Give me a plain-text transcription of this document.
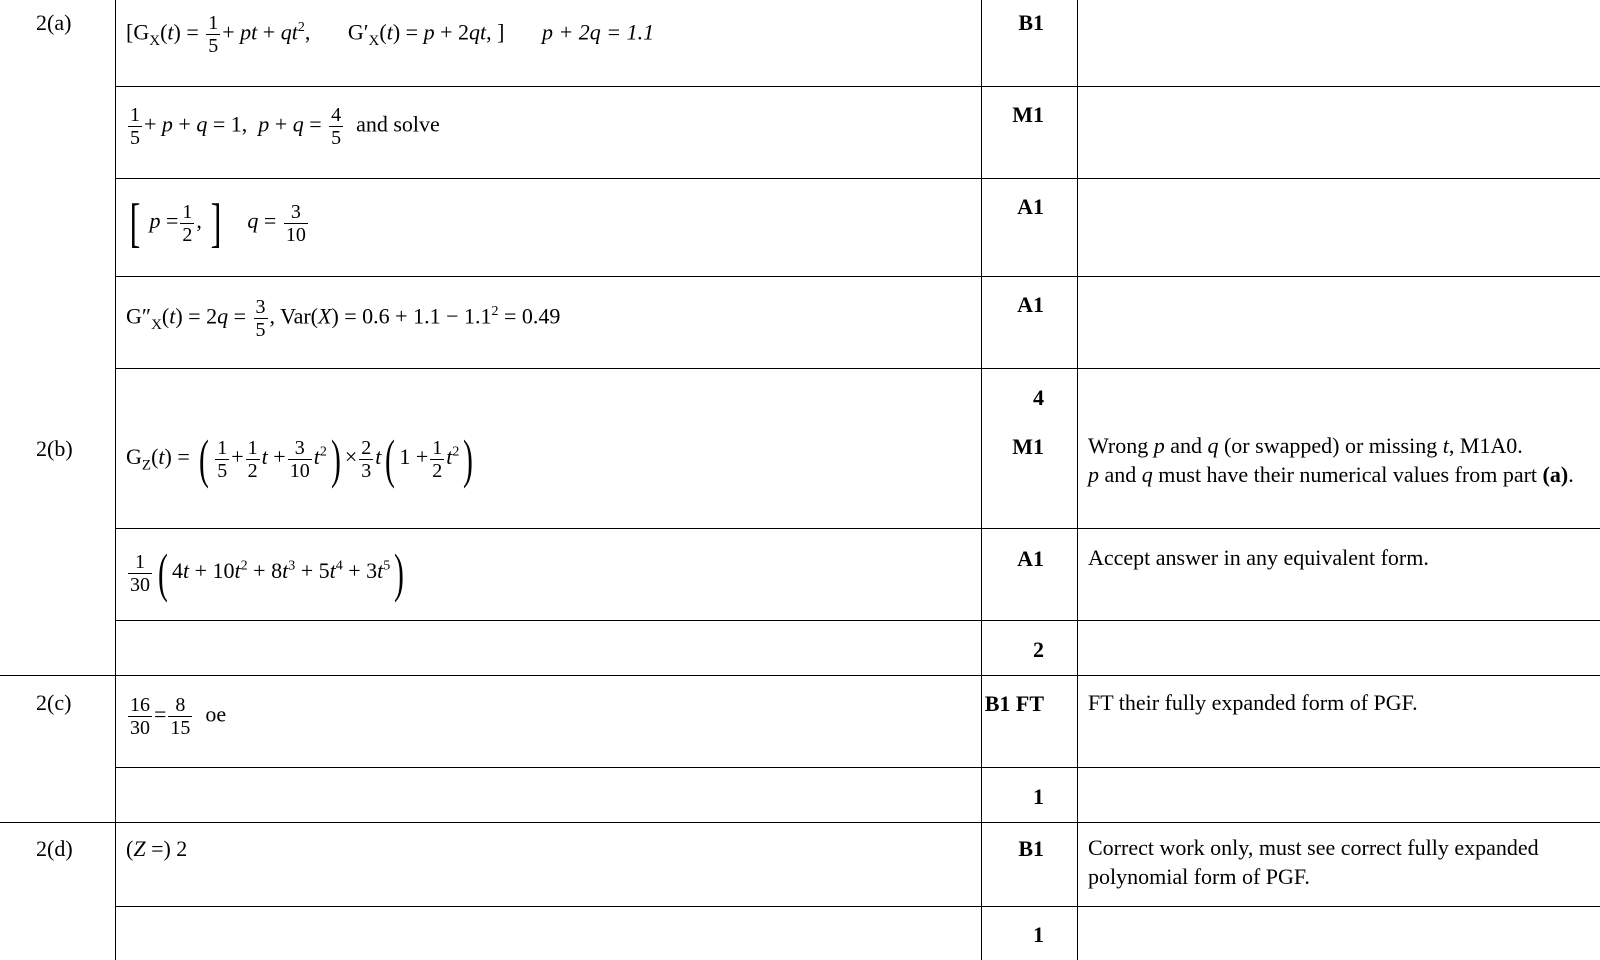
2(a)	[$G_X(t) = \frac{1}{5}$ + pt + $qt^2$, $G'_X(t) = p + 2qt$, ] p + 2q = 1.1	B1
$\frac{1}{5} + p + q = 1$,  $p + q = \frac{4}{5}$ and solve	M1
[ $p = \frac{1}{2}$ , ] $q = \frac{3}{10}$	A1
$G''_X(t) = 2q = \frac{3}{5}$ , $Var(X) = 0.6 + 1.1 - 1.1^2 = 0.49$	A1
4
2(b)	$G_Z(t)$ = ( $\frac{1}{5} + \frac{1}{2}$ $t + \frac{3}{10} t^2) \times \frac{2}{3} t$( $1 + \frac{1}{2} t^2$)	M1	Wrong p and q (or swapped) or missing t, M1A0.
p and q must have their numerical values from part (a).
$\frac{1}{30}$ ( $4t + 10t^2 + 8t^3 + 5t^4 + 3t^5$)	A1	Accept answer in any equivalent form.
2
2(c)	$\frac{16}{30} = \frac{8}{15}$ oe	B1 FT	FT their fully expanded form of PGF.
1
2(d)	(Z =) 2	B1	Correct work only, must see correct fully expanded polynomial form of PGF.
1
